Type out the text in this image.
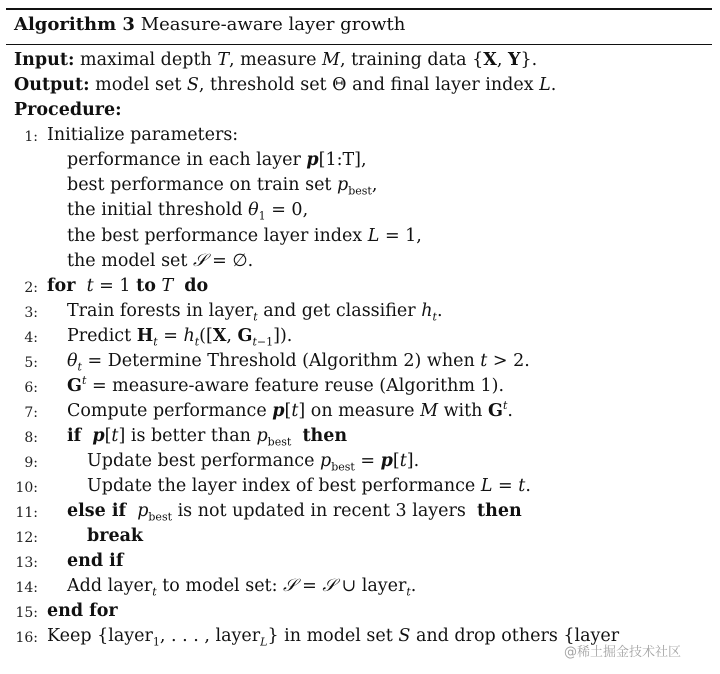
Algorithm 3 Measure-aware layer growth
Input: maximal depth T, measure M, training data {X, Y}.
Output: model set S, threshold set Θ and final layer index L.
Procedure:
1: Initialize parameters:
performance in each layer p[1:T],
best performance on train set $p_{best}$,
the initial threshold $\theta_1 = 0$,
the best performance layer index L = 1,
the model set 𝒮 = ∅.
2: for t = 1 to T do
3: Train forests in layer$_t$ and get classifier $h_t$.
4: Predict $H_t = h_t([X$, $G_{t-1}$]).
5: $\theta_t$ = Determine Threshold (Algorithm 2) when t > 2.
6: $G^t$ = measure-aware feature reuse (Algorithm 1).
7: Compute performance p[t] on measure M with $G^t$.
8: if p[t] is better than $p_{best}$ then
9:	Update best performance $p_{best} = p[t]$.
10:	Update the layer index of best performance L = t.
11: else if $p_{best}$ is not updated in recent 3 layers  then
12:	break
13: end if
14: Add layer$_t$ to model set: 𝒮 = 𝒮 ∪ layer$_t$.
15: end for
16: Keep {layer$_1$, . . . , layer$_L$} in model set S and drop others {layer
@稀土掘金技术社区
